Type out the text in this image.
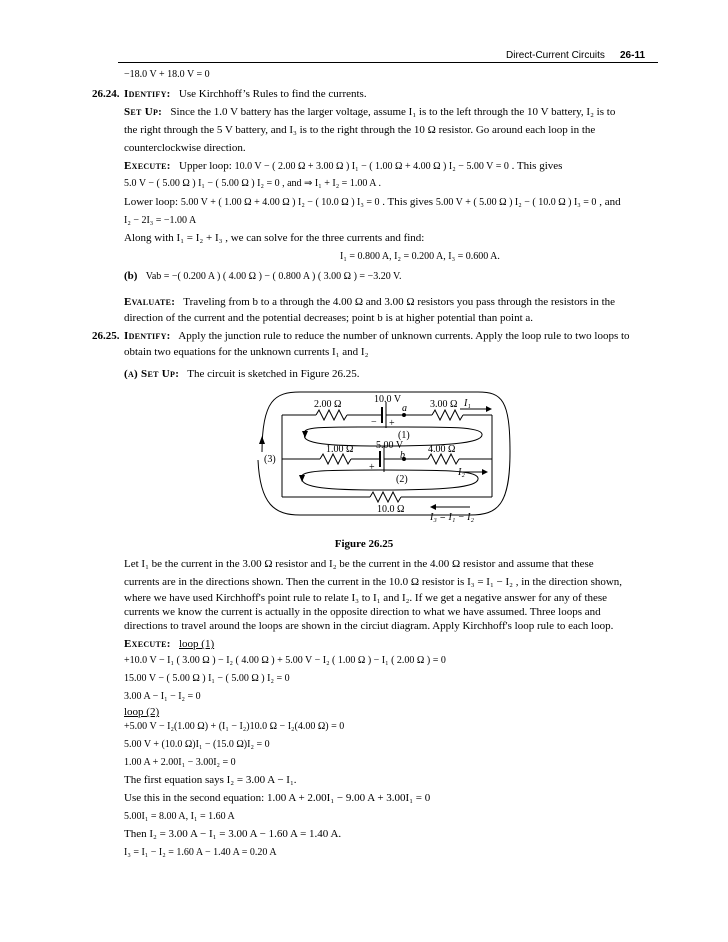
Direct-Current Circuits 26-11
−18.0 V + 18.0 V = 0
26.24. Identify: Use Kirchhoff’s Rules to find the currents.
Set Up: Since the 1.0 V battery has the larger voltage, assume I₁ is to the left through the 10 V battery, I₂ is to
the right through the 5 V battery, and I₃ is to the right through the 10 Ω resistor. Go around each loop in the
counterclockwise direction.
Execute: Upper loop: 10.0 V − ( 2.00 Ω + 3.00 Ω ) I₁ − ( 1.00 Ω + 4.00 Ω ) I₂ − 5.00 V = 0 . This gives
5.0 V − ( 5.00 Ω ) I₁ − ( 5.00 Ω ) I₂ = 0 , and ⇒ I₁ + I₂ = 1.00 A .
Lower loop: 5.00 V + ( 1.00 Ω + 4.00 Ω ) I₂ − ( 10.0 Ω ) I₃ = 0 . This gives 5.00 V + ( 5.00 Ω ) I₂ − ( 10.0 Ω ) I₃ = 0 , and
I₂ − 2I₃ = −1.00 A
Along with I₁ = I₂ + I₃ , we can solve for the three currents and find:
I₁ = 0.800 A, I₂ = 0.200 A, I₃ = 0.600 A.
(b) Vab = −( 0.200 A ) ( 4.00 Ω ) − ( 0.800 A ) ( 3.00 Ω ) = −3.20 V.
Evaluate: Traveling from b to a through the 4.00 Ω and 3.00 Ω resistors you pass through the resistors in the
direction of the current and the potential decreases; point b is at higher potential than point a.
26.25. Identify: Apply the junction rule to reduce the number of unknown currents. Apply the loop rule to two loops to
obtain two equations for the unknown currents I₁ and I₂
(a) Set Up: The circuit is sketched in Figure 26.25.
2.00 Ω	10.0 V	3.00 Ω I₁
a
− +
(1)
1.00 Ω 5.00 V 4.00 Ω
b
(3)
+	I₂
(2)
10.0 Ω
I₃ = I₁ − I₂
Figure 26.25
Let I₁ be the current in the 3.00 Ω resistor and I₂ be the current in the 4.00 Ω resistor and assume that these
currents are in the directions shown. Then the current in the 10.0 Ω resistor is I₃ = I₁ − I₂ , in the direction shown,
where we have used Kirchhoff's point rule to relate I₃ to I₁ and I₂. If we get a negative answer for any of these
currents we know the current is actually in the opposite direction to what we have assumed. Three loops and
directions to travel around the loops are shown in the circiut diagram. Apply Kirchhoff's loop rule to each loop.
Execute: loop (1)
+10.0 V − I₁ ( 3.00 Ω ) − I₂ ( 4.00 Ω ) + 5.00 V − I₂ ( 1.00 Ω ) − I₁ ( 2.00 Ω ) = 0
15.00 V − ( 5.00 Ω ) I₁ − ( 5.00 Ω ) I₂ = 0
3.00 A − I₁ − I₂ = 0
loop (2)
+5.00 V − I₂(1.00 Ω) + (I₁ − I₂)10.0 Ω − I₂(4.00 Ω) = 0
5.00 V + (10.0 Ω)I₁ − (15.0 Ω)I₂ = 0
1.00 A + 2.00I₁ − 3.00I₂ = 0
The first equation says I₂ = 3.00 A − I₁.
Use this in the second equation: 1.00 A + 2.00I₁ − 9.00 A + 3.00I₁ = 0
5.00I₁ = 8.00 A, I₁ = 1.60 A
Then I₂ = 3.00 A − I₁ = 3.00 A − 1.60 A = 1.40 A.
I₃ = I₁ − I₂ = 1.60 A − 1.40 A = 0.20 A
